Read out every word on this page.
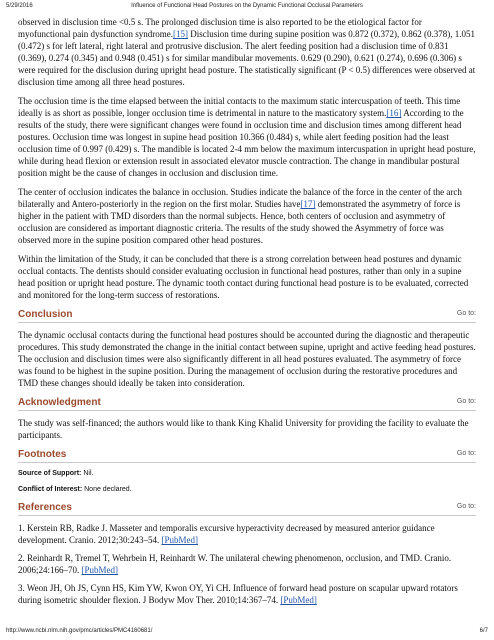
5/29/2016	Influence of Functional Head Postures on the Dynamic Functional Occlusal Parameters

observed in disclusion time <0.5 s. The prolonged disclusion time is also reported to be the etiological factor for myofunctional pain dysfunction syndrome.[15] Disclusion time during supine position was 0.872 (0.372), 0.862 (0.378), 1.051 (0.472) s for left lateral, right lateral and protrusive disclusion. The alert feeding position had a disclusion time of 0.831 (0.369), 0.274 (0.345) and 0.948 (0.451) s for similar mandibular movements. 0.629 (0.290), 0.621 (0.274), 0.696 (0.306) s were required for the disclusion during upright head posture. The statistically significant (P < 0.5) differences were observed at disclusion time among all three head postures.

The occlusion time is the time elapsed between the initial contacts to the maximum static intercuspation of teeth. This time ideally is as short as possible, longer occlusion time is detrimental in nature to the masticatory system.[16] According to the results of the study, there were significant changes were found in occlusion time and disclusion times among different head postures. Occlusion time was longest in supine head position 10.366 (0.484) s, while alert feeding position had the least occlusion time of 0.997 (0.429) s. The mandible is located 2-4 mm below the maximum intercuspation in upright head posture, while during head flexion or extension result in associated elevator muscle contraction. The change in mandibular postural position might be the cause of changes in occlusion and disclusion time.

The center of occlusion indicates the balance in occlusion. Studies indicate the balance of the force in the center of the arch bilaterally and Antero-posteriorly in the region on the first molar. Studies have[17] demonstrated the asymmetry of force is higher in the patient with TMD disorders than the normal subjects. Hence, both centers of occlusion and asymmetry of occlusion are considered as important diagnostic criteria. The results of the study showed the Asymmetry of force was observed more in the supine position compared other head postures.

Within the limitation of the Study, it can be concluded that there is a strong correlation between head postures and dynamic occlual contacts. The dentists should consider evaluating occlusion in functional head postures, rather than only in a supine head position or upright head posture. The dynamic tooth contact during functional head posture is to be evaluated, corrected and monitored for the long-term success of restorations.

Conclusion	Go to:

The dynamic occlusal contacts during the functional head postures should be accounted during the diagnostic and therapeutic procedures. This study demonstrated the change in the initial contact between supine, upright and active feeding head postures. The occlusion and disclusion times were also significantly different in all head postures evaluated. The asymmetry of force was found to be highest in the supine position. During the management of occlusion during the restorative procedures and TMD these changes should ideally be taken into consideration.

Acknowledgment	Go to:

The study was self-financed; the authors would like to thank King Khalid University for providing the facility to evaluate the participants.

Footnotes	Go to:
Source of Support: Nil.
Conflict of Interest: None declared.
References	Go to:
1. Kerstein RB, Radke J. Masseter and temporalis excursive hyperactivity decreased by measured anterior guidance development. Cranio. 2012;30:243–54. [PubMed]
2. Reinhardt R, Tremel T, Wehrbein H, Reinhardt W. The unilateral chewing phenomenon, occlusion, and TMD. Cranio. 2006;24:166–70. [PubMed]
3. Weon JH, Oh JS, Cynn HS, Kim YW, Kwon OY, Yi CH. Influence of forward head posture on scapular upward rotators during isometric shoulder flexion. J Bodyw Mov Ther. 2010;14:367–74. [PubMed]
http://www.ncbi.nlm.nih.gov/pmc/articles/PMC4160681/	6/7
